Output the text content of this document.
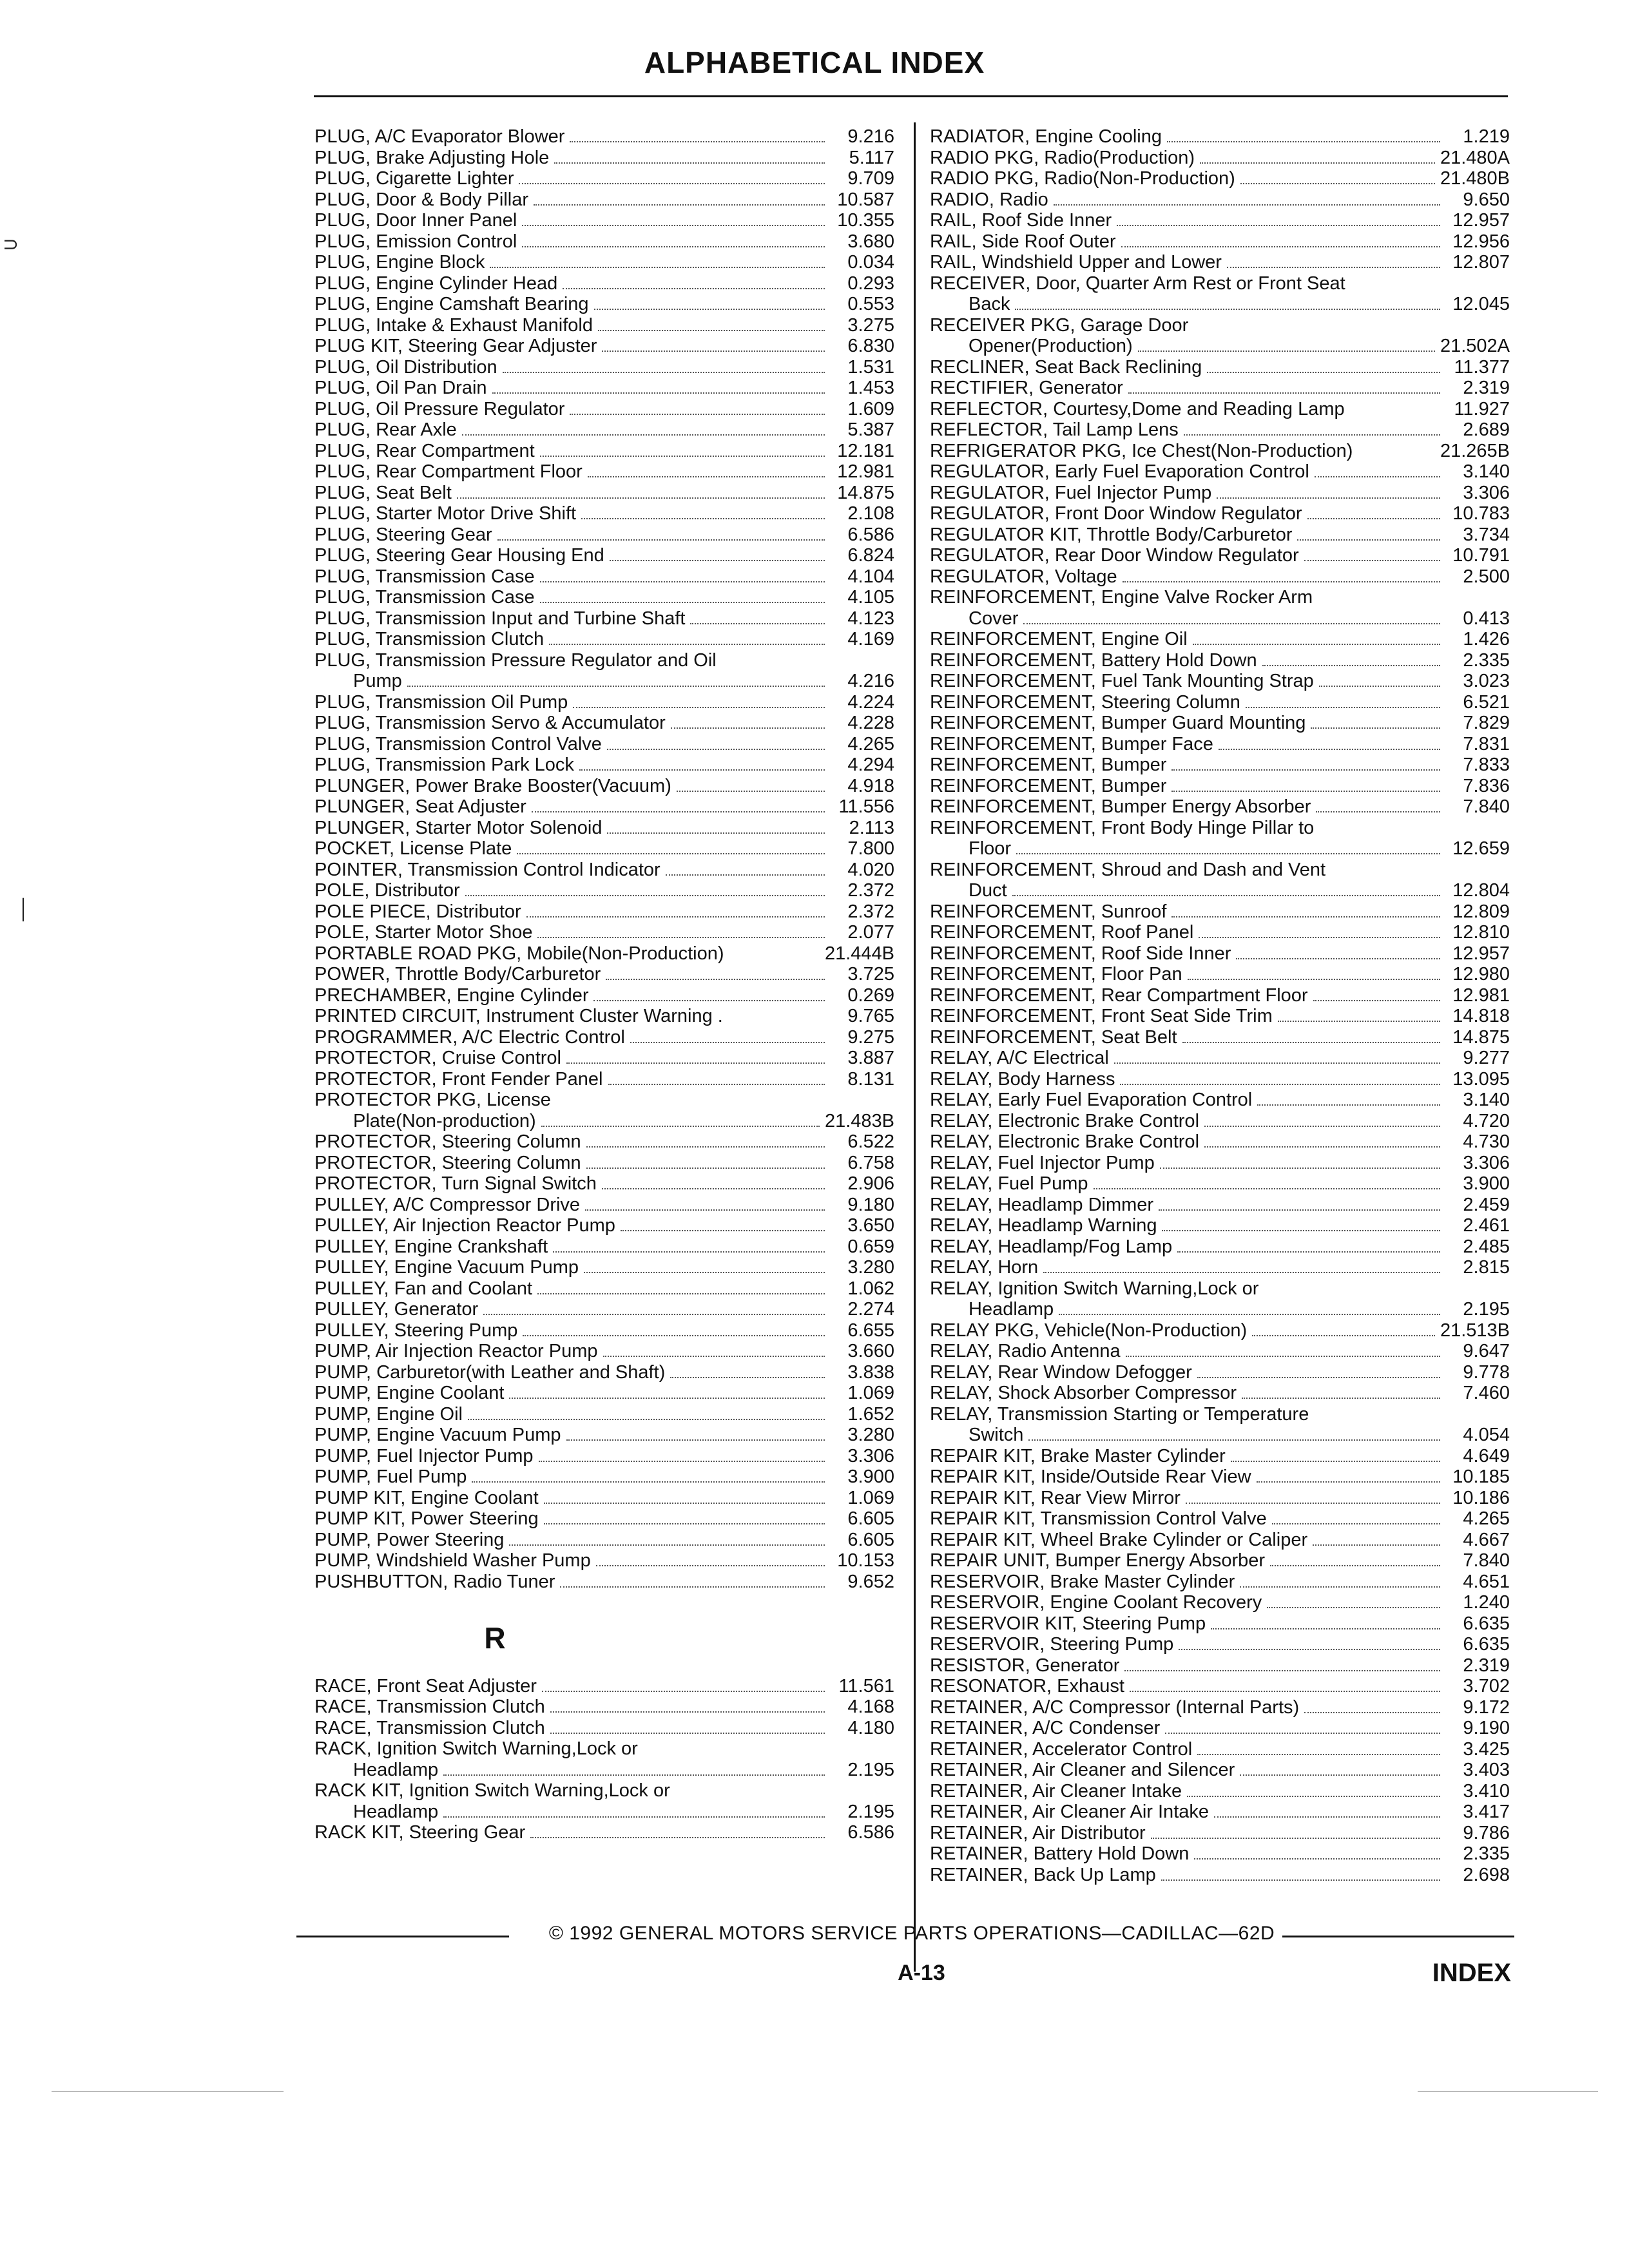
ALPHABETICAL INDEX
⊃
│
PLUG, A/C Evaporator Blower	9.216
PLUG, Brake Adjusting Hole	5.117
PLUG, Cigarette Lighter	9.709
PLUG, Door & Body Pillar	10.587
PLUG, Door Inner Panel	10.355
PLUG, Emission Control	3.680
PLUG, Engine Block	0.034
PLUG, Engine Cylinder Head	0.293
PLUG, Engine Camshaft Bearing	0.553
PLUG, Intake & Exhaust Manifold	3.275
PLUG KIT, Steering Gear Adjuster	6.830
PLUG, Oil Distribution	1.531
PLUG, Oil Pan Drain	1.453
PLUG, Oil Pressure Regulator	1.609
PLUG, Rear Axle	5.387
PLUG, Rear Compartment	12.181
PLUG, Rear Compartment Floor	12.981
PLUG, Seat Belt	14.875
PLUG, Starter Motor Drive Shift	2.108
PLUG, Steering Gear	6.586
PLUG, Steering Gear Housing End	6.824
PLUG, Transmission Case	4.104
PLUG, Transmission Case	4.105
PLUG, Transmission Input and Turbine Shaft	4.123
PLUG, Transmission Clutch	4.169
PLUG, Transmission Pressure Regulator and Oil
Pump	4.216
PLUG, Transmission Oil Pump	4.224
PLUG, Transmission Servo & Accumulator	4.228
PLUG, Transmission Control Valve	4.265
PLUG, Transmission Park Lock	4.294
PLUNGER, Power Brake Booster(Vacuum)	4.918
PLUNGER, Seat Adjuster	11.556
PLUNGER, Starter Motor Solenoid	2.113
POCKET, License Plate	7.800
POINTER, Transmission Control Indicator	4.020
POLE, Distributor	2.372
POLE PIECE, Distributor	2.372
POLE, Starter Motor Shoe	2.077
PORTABLE ROAD PKG, Mobile(Non-Production)	21.444B
POWER, Throttle Body/Carburetor	3.725
PRECHAMBER, Engine Cylinder	0.269
PRINTED CIRCUIT, Instrument Cluster Warning .	9.765
PROGRAMMER, A/C Electric Control	9.275
PROTECTOR, Cruise Control	3.887
PROTECTOR, Front Fender Panel	8.131
PROTECTOR PKG, License
Plate(Non-production)	21.483B
PROTECTOR, Steering Column	6.522
PROTECTOR, Steering Column	6.758
PROTECTOR, Turn Signal Switch	2.906
PULLEY, A/C Compressor Drive	9.180
PULLEY, Air Injection Reactor Pump	3.650
PULLEY, Engine Crankshaft	0.659
PULLEY, Engine Vacuum Pump	3.280
PULLEY, Fan and Coolant	1.062
PULLEY, Generator	2.274
PULLEY, Steering Pump	6.655
PUMP, Air Injection Reactor Pump	3.660
PUMP, Carburetor(with Leather and Shaft)	3.838
PUMP, Engine Coolant	1.069
PUMP, Engine Oil	1.652
PUMP, Engine Vacuum Pump	3.280
PUMP, Fuel Injector Pump	3.306
PUMP, Fuel Pump	3.900
PUMP KIT, Engine Coolant	1.069
PUMP KIT, Power Steering	6.605
PUMP, Power Steering	6.605
PUMP, Windshield Washer Pump	10.153
PUSHBUTTON, Radio Tuner	9.652
R
RACE, Front Seat Adjuster	11.561
RACE, Transmission Clutch	4.168
RACE, Transmission Clutch	4.180
RACK, Ignition Switch Warning,Lock or
Headlamp	2.195
RACK KIT, Ignition Switch Warning,Lock or
Headlamp	2.195
RACK KIT, Steering Gear	6.586
RADIATOR, Engine Cooling	1.219
RADIO PKG, Radio(Production)	21.480A
RADIO PKG, Radio(Non-Production)	21.480B
RADIO, Radio	9.650
RAIL, Roof Side Inner	12.957
RAIL, Side Roof Outer	12.956
RAIL, Windshield Upper and Lower	12.807
RECEIVER, Door, Quarter Arm Rest or Front Seat
Back	12.045
RECEIVER PKG, Garage Door
Opener(Production)	21.502A
RECLINER, Seat Back Reclining	11.377
RECTIFIER, Generator	2.319
REFLECTOR, Courtesy,Dome and Reading Lamp	11.927
REFLECTOR, Tail Lamp Lens	2.689
REFRIGERATOR PKG, Ice Chest(Non-Production)	21.265B
REGULATOR, Early Fuel Evaporation Control	3.140
REGULATOR, Fuel Injector Pump	3.306
REGULATOR, Front Door Window Regulator	10.783
REGULATOR KIT, Throttle Body/Carburetor	3.734
REGULATOR, Rear Door Window Regulator	10.791
REGULATOR, Voltage	2.500
REINFORCEMENT, Engine Valve Rocker Arm
Cover	0.413
REINFORCEMENT, Engine Oil	1.426
REINFORCEMENT, Battery Hold Down	2.335
REINFORCEMENT, Fuel Tank Mounting Strap	3.023
REINFORCEMENT, Steering Column	6.521
REINFORCEMENT, Bumper Guard Mounting	7.829
REINFORCEMENT, Bumper Face	7.831
REINFORCEMENT, Bumper	7.833
REINFORCEMENT, Bumper	7.836
REINFORCEMENT, Bumper Energy Absorber	7.840
REINFORCEMENT, Front Body Hinge Pillar to
Floor	12.659
REINFORCEMENT, Shroud and Dash and Vent
Duct	12.804
REINFORCEMENT, Sunroof	12.809
REINFORCEMENT, Roof Panel	12.810
REINFORCEMENT, Roof Side Inner	12.957
REINFORCEMENT, Floor Pan	12.980
REINFORCEMENT, Rear Compartment Floor	12.981
REINFORCEMENT, Front Seat Side Trim	14.818
REINFORCEMENT, Seat Belt	14.875
RELAY, A/C Electrical	9.277
RELAY, Body Harness	13.095
RELAY, Early Fuel Evaporation Control	3.140
RELAY, Electronic Brake Control	4.720
RELAY, Electronic Brake Control	4.730
RELAY, Fuel Injector Pump	3.306
RELAY, Fuel Pump	3.900
RELAY, Headlamp Dimmer	2.459
RELAY, Headlamp Warning	2.461
RELAY, Headlamp/Fog Lamp	2.485
RELAY, Horn	2.815
RELAY, Ignition Switch Warning,Lock or
Headlamp	2.195
RELAY PKG, Vehicle(Non-Production)	21.513B
RELAY, Radio Antenna	9.647
RELAY, Rear Window Defogger	9.778
RELAY, Shock Absorber Compressor	7.460
RELAY, Transmission Starting or Temperature
Switch	4.054
REPAIR KIT, Brake Master Cylinder	4.649
REPAIR KIT, Inside/Outside Rear View	10.185
REPAIR KIT, Rear View Mirror	10.186
REPAIR KIT, Transmission Control Valve	4.265
REPAIR KIT, Wheel Brake Cylinder or Caliper	4.667
REPAIR UNIT, Bumper Energy Absorber	7.840
RESERVOIR, Brake Master Cylinder	4.651
RESERVOIR, Engine Coolant Recovery	1.240
RESERVOIR KIT, Steering Pump	6.635
RESERVOIR, Steering Pump	6.635
RESISTOR, Generator	2.319
RESONATOR, Exhaust	3.702
RETAINER, A/C Compressor (Internal Parts)	9.172
RETAINER, A/C Condenser	9.190
RETAINER, Accelerator Control	3.425
RETAINER, Air Cleaner and Silencer	3.403
RETAINER, Air Cleaner Intake	3.410
RETAINER, Air Cleaner Air Intake	3.417
RETAINER, Air Distributor	9.786
RETAINER, Battery Hold Down	2.335
RETAINER, Back Up Lamp	2.698
© 1992 GENERAL MOTORS SERVICE PARTS OPERATIONS—CADILLAC—62D
A-13	INDEX
